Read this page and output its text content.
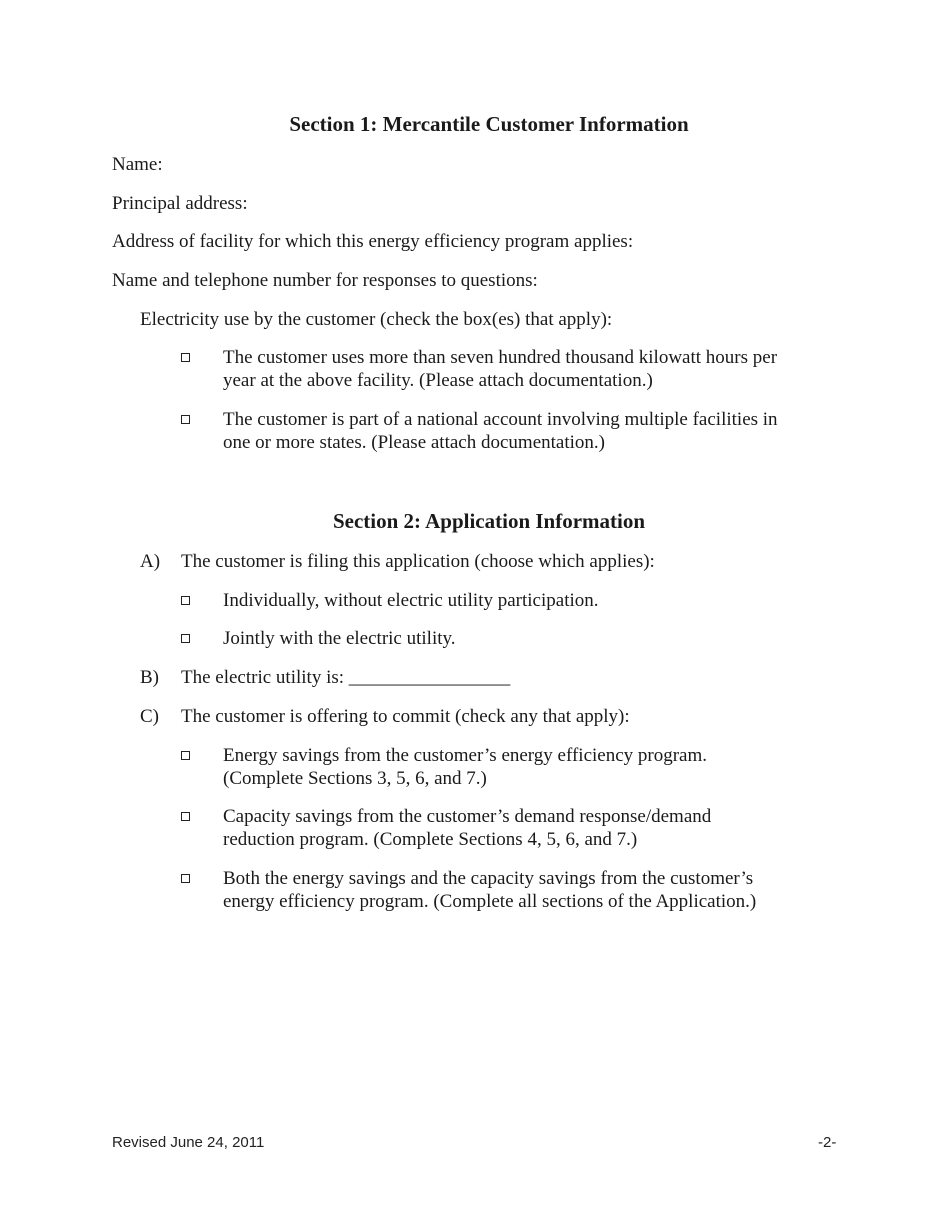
Section 1: Mercantile Customer Information
Name:
Principal address:
Address of facility for which this energy efficiency program applies:
Name and telephone number for responses to questions:
Electricity use by the customer (check the box(es) that apply):
The customer uses more than seven hundred thousand kilowatt hours per
year at the above facility. (Please attach documentation.)
The customer is part of a national account involving multiple facilities in
one or more states. (Please attach documentation.)
Section 2: Application Information
A) The customer is filing this application (choose which applies):
Individually, without electric utility participation.
Jointly with the electric utility.
B) The electric utility is: _________________
C) The customer is offering to commit (check any that apply):
Energy savings from the customer’s energy efficiency program.
(Complete Sections 3, 5, 6, and 7.)
Capacity savings from the customer’s demand response/demand
reduction program. (Complete Sections 4, 5, 6, and 7.)
Both the energy savings and the capacity savings from the customer’s
energy efficiency program. (Complete all sections of the Application.)
Revised June 24, 2011	-2-
